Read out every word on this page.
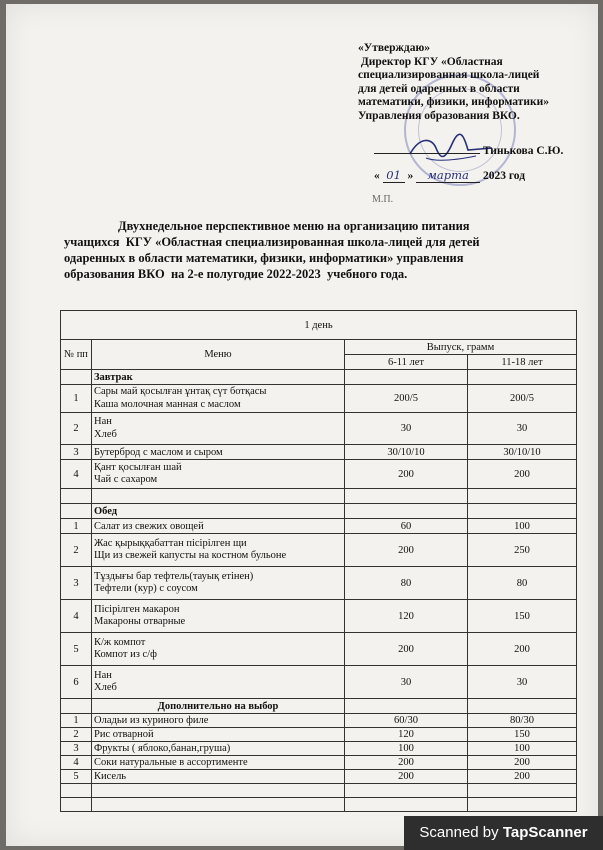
«Утверждаю»
Директор КГУ «Областная
специализированная школа-лицей
для детей одаренных в области
математики, физики, информатики»
Управления образования ВКО.
Тинькова С.Ю.
« 01 » марта 2023 год
М.П.
Двухнедельное перспективное меню на организацию питания
учащихся  КГУ «Областная специализированная школа-лицей для детей
одаренных в области математики, физики, информатики» управления
образования ВКО  на 2-е полугодие 2022-2023  учебного года.
1 день			
№ пп	Меню	Выпуск, грамм	
		6-11 лет	11-18 лет
	Завтрак		
1	Сары май қосылған ұнтақ сүт ботқасы
Каша молочная манная с маслом	200/5	200/5
2	Нан
Хлеб	30	30
3	Бутерброд с маслом и сыром	30/10/10	30/10/10
4	Қант қосылған шай
Чай с сахаром	200	200

	Обед		
1	Салат из свежих овощей	60	100
2	Жас қырыққабаттан пісірілген щи
Щи из свежей капусты на костном бульоне	200	250
3	Тұздығы бар тефтель(тауық етінен)
Тефтели (кур) с соусом	80	80
4	Пісірілген макарон
Макароны отварные	120	150
5	К/ж компот
Компот из с/ф	200	200
6	Нан
Хлеб	30	30
	Дополнительно на выбор		
1	Оладьи из куриного филе	60/30	80/30
2	Рис отварной	120	150
3	Фрукты ( яблоко,банан,груша)	100	100
4	Соки натуральные в ассортименте	200	200
5	Кисель	200	200

Scanned by TapScanner
